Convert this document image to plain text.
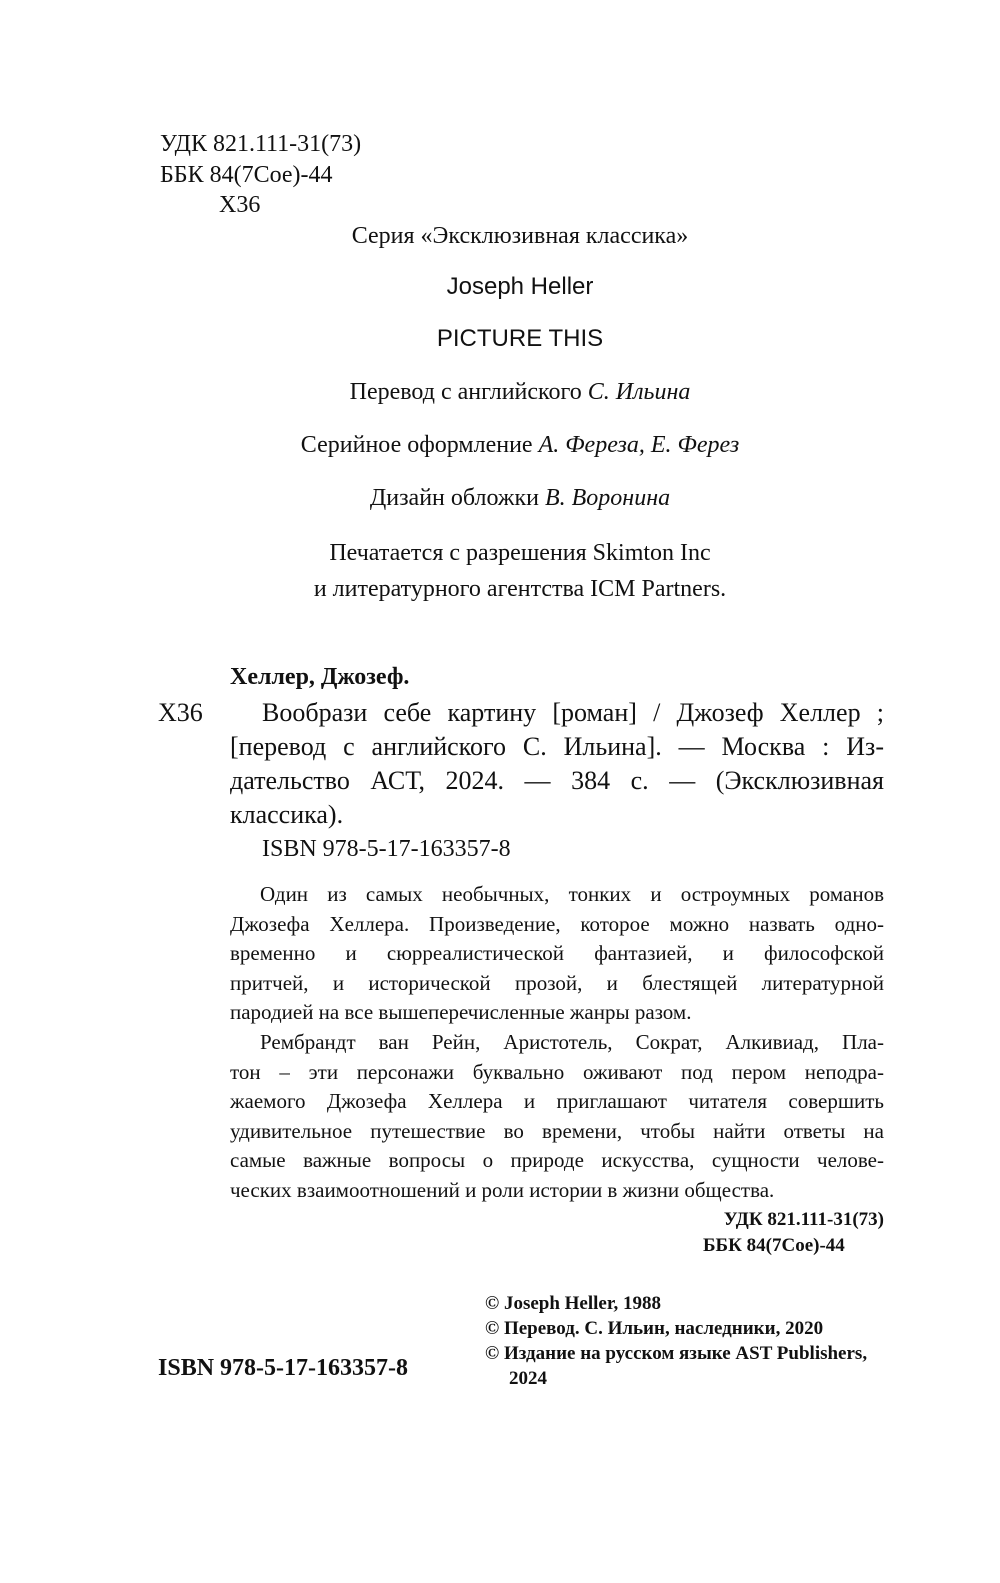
УДК 821.111-31(73)
ББК 84(7Сое)-44
Х36
Серия «Эксклюзивная классика»
Joseph Heller
PICTURE THIS
Перевод с английского С. Ильина
Серийное оформление А. Фереза, Е. Ферез
Дизайн обложки В. Воронина
Печатается с разрешения Skimton Inc
и литературного агентства ICM Partners.
Хеллер, Джозеф.
Х36 Вообрази себе картину [роман] / Джозеф Хеллер ;
[перевод с английского С. Ильина]. — Москва : Из-
дательство АСТ, 2024. — 384 с. — (Эксклюзивная
классика).
ISBN 978-5-17-163357-8
Один из самых необычных, тонких и остроумных романов
Джозефа Хеллера. Произведение, которое можно назвать одно-
временно и сюрреалистической фантазией, и философской
притчей, и исторической прозой, и блестящей литературной
пародией на все вышеперечисленные жанры разом.
Рембрандт ван Рейн, Аристотель, Сократ, Алкивиад, Пла-
тон – эти персонажи буквально оживают под пером неподра-
жаемого Джозефа Хеллера и приглашают читателя совершить
удивительное путешествие во времени, чтобы найти ответы на
самые важные вопросы о природе искусства, сущности челове-
ческих взаимоотношений и роли истории в жизни общества.
УДК 821.111-31(73)
ББК 84(7Сое)-44
© Joseph Heller, 1988
© Перевод. С. Ильин, наследники, 2020
© Издание на русском языке AST Publishers,
2024
ISBN 978-5-17-163357-8
